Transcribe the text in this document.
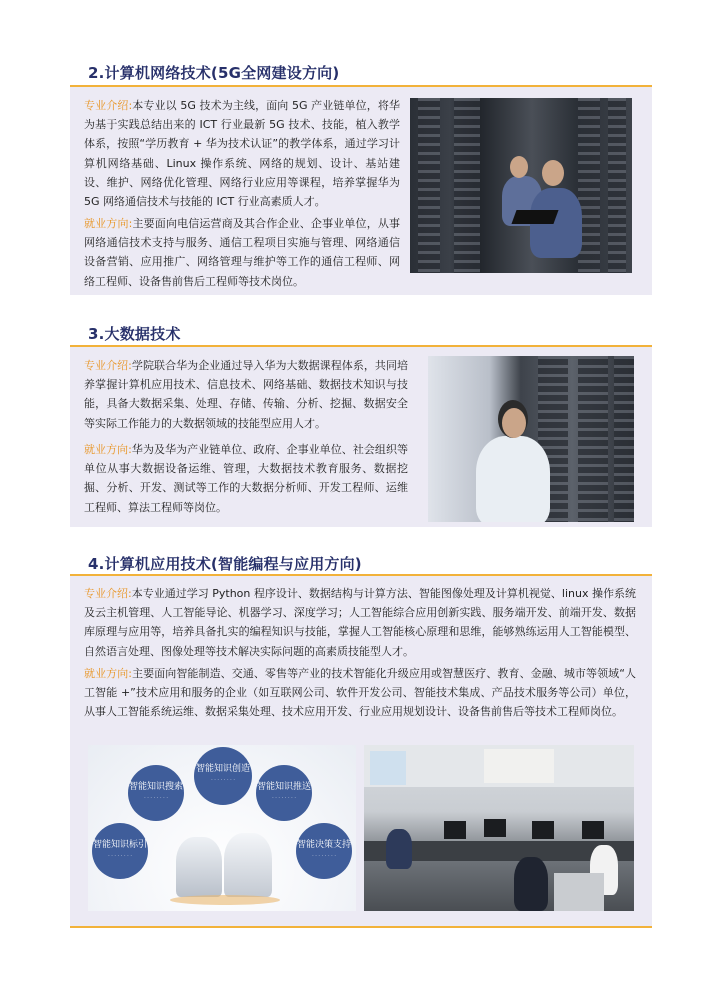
2.计算机网络技术(5G全网建设方向)

专业介绍:本专业以 5G 技术为主线，面向 5G 产业链单位，将华为基于实践总结出来的 ICT 行业最新 5G 技术、技能，植入教学体系，按照“学历教育 + 华为技术认证”的教学体系，通过学习计算机网络基础、Linux 操作系统、网络的规划、设计、基站建设、维护、网络优化管理、网络行业应用等课程，培养掌握华为 5G 网络通信技术与技能的 ICT 行业高素质人才。

就业方向:主要面向电信运营商及其合作企业、企事业单位，从事网络通信技术支持与服务、通信工程项目实施与管理、网络通信设备营销、应用推广、网络管理与维护等工作的通信工程师、网络工程师、设备售前售后工程师等技术岗位。

3.大数据技术

专业介绍:学院联合华为企业通过导入华为大数据课程体系，共同培养掌握计算机应用技术、信息技术、网络基础、数据技术知识与技能，具备大数据采集、处理、存储、传输、分析、挖掘、数据安全等实际工作能力的大数据领域的技能型应用人才。

就业方向:华为及华为产业链单位、政府、企事业单位、社会组织等单位从事大数据设备运维、管理，大数据技术教育服务、数据挖掘、分析、开发、测试等工作的大数据分析师、开发工程师、运维工程师、算法工程师等岗位。

4.计算机应用技术(智能编程与应用方向)

专业介绍:本专业通过学习 Python 程序设计、数据结构与计算方法、智能图像处理及计算机视觉、linux 操作系统及云主机管理、人工智能导论、机器学习、深度学习；人工智能综合应用创新实践、服务端开发、前端开发、数据库原理与应用等，培养具备扎实的编程知识与技能，掌握人工智能核心原理和思维，能够熟练运用人工智能模型、自然语言处理、图像处理等技术解决实际问题的高素质技能型人才。

就业方向:主要面向智能制造、交通、零售等产业的技术智能化升级应用或智慧医疗、教育、金融、城市等领域“人工智能 +”技术应用和服务的企业（如互联网公司、软件开发公司、智能技术集成、产品技术服务等公司）单位，从事人工智能系统运维、数据采集处理、技术应用开发、行业应用规划设计、设备售前售后等技术工程师岗位。

智能知识搜索
· · · · · · · ·
智能知识创造
· · · · · · · ·
智能知识推送
· · · · · · · ·
智能知识标引
· · · · · · · ·
智能决策支持
· · · · · · · ·
